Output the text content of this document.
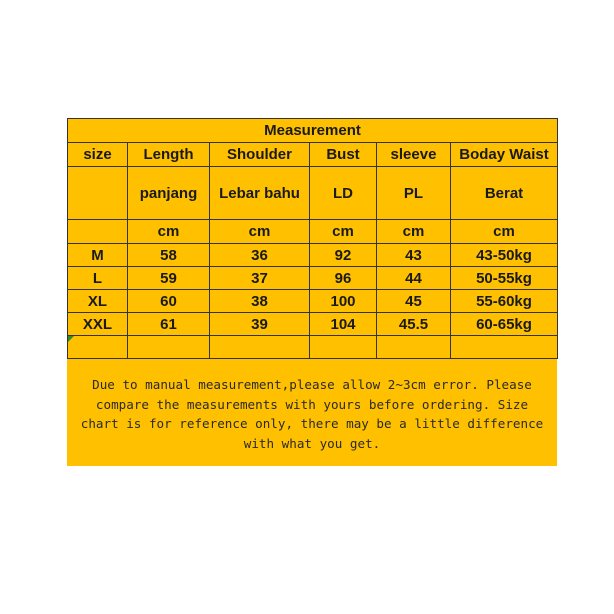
Measurement					
size	Length	Shoulder	Bust	sleeve	Boday Waist
	panjang	Lebar bahu	LD	PL	Berat
	cm	cm	cm	cm	cm
M	58	36	92	43	43-50kg
L	59	37	96	44	50-55kg
XL	60	38	100	45	55-60kg
XXL	61	39	104	45.5	60-65kg

Due to manual measurement,please allow 2~3cm error. Please compare the measurements with yours before ordering. Size chart is for reference only, there may be a little difference with what you get.
